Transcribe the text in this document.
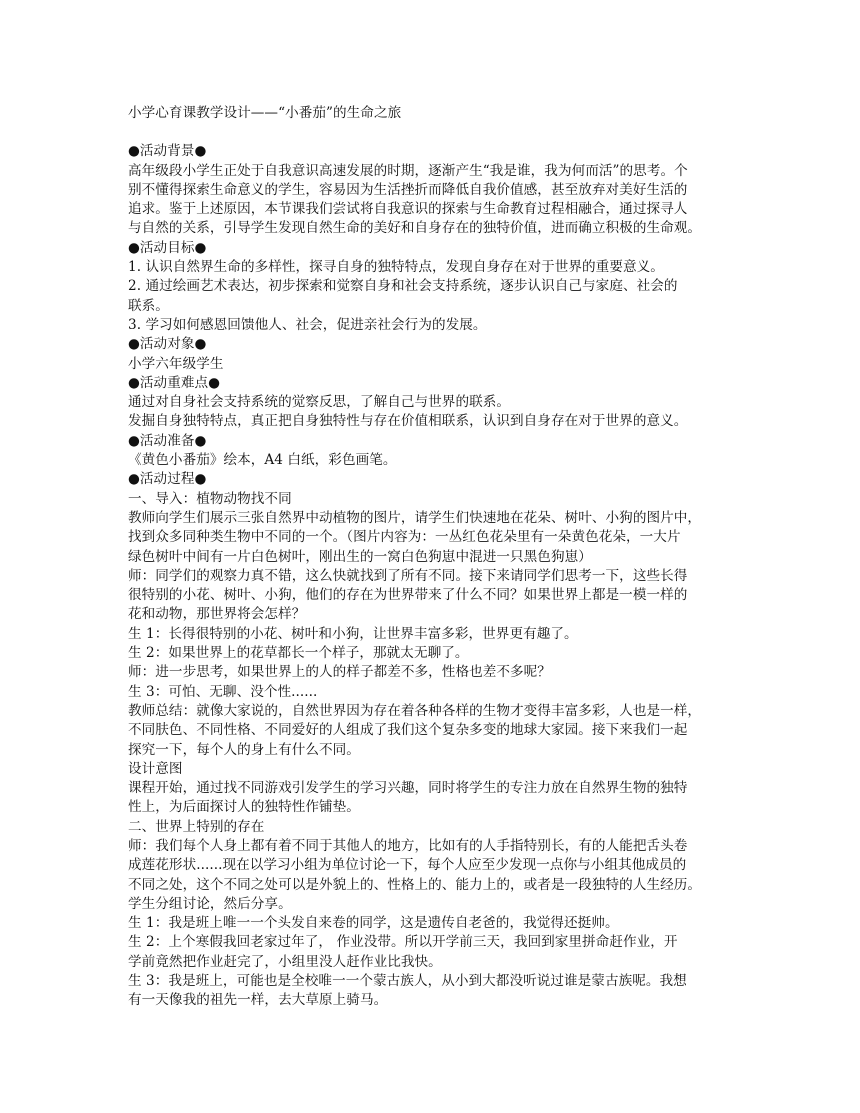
小学心育课教学设计——“小番茄”的生命之旅
●活动背景●
高年级段小学生正处于自我意识高速发展的时期，逐渐产生“我是谁，我为何而活”的思考。个
别不懂得探索生命意义的学生，容易因为生活挫折而降低自我价值感，甚至放弃对美好生活的
追求。鉴于上述原因，本节课我们尝试将自我意识的探索与生命教育过程相融合，通过探寻人
与自然的关系，引导学生发现自然生命的美好和自身存在的独特价值，进而确立积极的生命观。
●活动目标●
1. 认识自然界生命的多样性，探寻自身的独特特点，发现自身存在对于世界的重要意义。
2. 通过绘画艺术表达，初步探索和觉察自身和社会支持系统，逐步认识自己与家庭、社会的
联系。
3. 学习如何感恩回馈他人、社会，促进亲社会行为的发展。
●活动对象●
小学六年级学生
●活动重难点●
通过对自身社会支持系统的觉察反思，了解自己与世界的联系。
发掘自身独特特点，真正把自身独特性与存在价值相联系，认识到自身存在对于世界的意义。
●活动准备●
《黄色小番茄》绘本，A4 白纸，彩色画笔。
●活动过程●
一、导入：植物动物找不同
教师向学生们展示三张自然界中动植物的图片，请学生们快速地在花朵、树叶、小狗的图片中，
找到众多同种类生物中不同的一个。（图片内容为：一丛红色花朵里有一朵黄色花朵，一大片
绿色树叶中间有一片白色树叶，刚出生的一窝白色狗崽中混进一只黑色狗崽）
师：同学们的观察力真不错，这么快就找到了所有不同。接下来请同学们思考一下，这些长得
很特别的小花、树叶、小狗，他们的存在为世界带来了什么不同？如果世界上都是一模一样的
花和动物，那世界将会怎样？
生 1：长得很特别的小花、树叶和小狗，让世界丰富多彩，世界更有趣了。
生 2：如果世界上的花草都长一个样子，那就太无聊了。
师：进一步思考，如果世界上的人的样子都差不多，性格也差不多呢？
生 3：可怕、无聊、没个性......
教师总结：就像大家说的，自然世界因为存在着各种各样的生物才变得丰富多彩，人也是一样，
不同肤色、不同性格、不同爱好的人组成了我们这个复杂多变的地球大家园。接下来我们一起
探究一下，每个人的身上有什么不同。
设计意图
课程开始，通过找不同游戏引发学生的学习兴趣，同时将学生的专注力放在自然界生物的独特
性上，为后面探讨人的独特性作铺垫。
二、世界上特别的存在
师：我们每个人身上都有着不同于其他人的地方，比如有的人手指特别长，有的人能把舌头卷
成莲花形状......现在以学习小组为单位讨论一下，每个人应至少发现一点你与小组其他成员的
不同之处，这个不同之处可以是外貌上的、性格上的、能力上的，或者是一段独特的人生经历。
学生分组讨论，然后分享。
生 1：我是班上唯一一个头发自来卷的同学，这是遗传自老爸的，我觉得还挺帅。
生 2：上个寒假我回老家过年了， 作业没带。所以开学前三天，我回到家里拼命赶作业，开
学前竟然把作业赶完了，小组里没人赶作业比我快。
生 3：我是班上，可能也是全校唯一一个蒙古族人，从小到大都没听说过谁是蒙古族呢。我想
有一天像我的祖先一样，去大草原上骑马。
